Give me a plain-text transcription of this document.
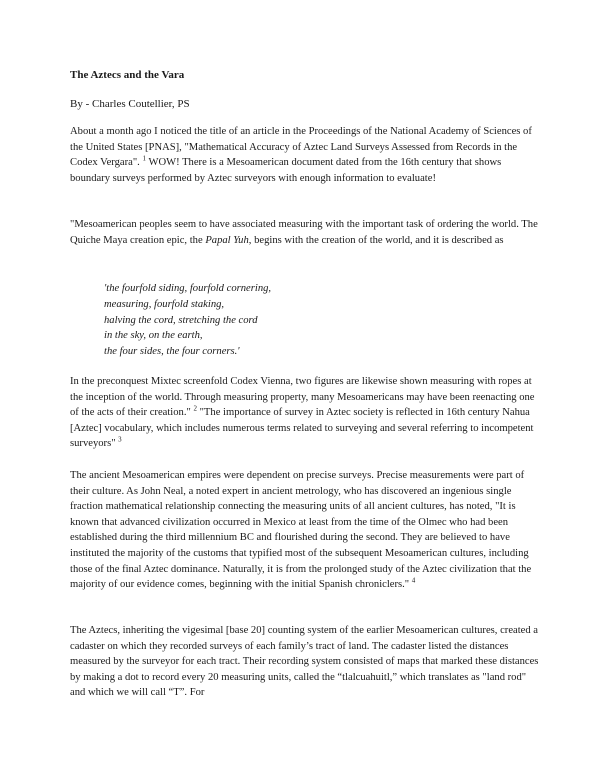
The Aztecs and the Vara
By - Charles Coutellier, PS

About a month ago I noticed the title of an article in the Proceedings of the National Academy of Sciences of the United States [PNAS], "Mathematical Accuracy of Aztec Land Surveys Assessed from Records in the Codex Vergara". $^1$ WOW! There is a Mesoamerican document dated from the 16th century that shows boundary surveys performed by Aztec surveyors with enough information to evaluate!

"Mesoamerican peoples seem to have associated measuring with the important task of ordering the world. The Quiche Maya creation epic, the Papal Yuh, begins with the creation of the world, and it is described as

'the fourfold siding, fourfold cornering,
measuring, fourfold staking,
halving the cord, stretching the cord
in the sky, on the earth,
the four sides, the four corners.'

In the preconquest Mixtec screenfold Codex Vienna, two figures are likewise shown measuring with ropes at the inception of the world. Through measuring property, many Mesoamericans may have been reenacting one of the acts of their creation." $^2$ "The importance of survey in Aztec society is reflected in 16th century Nahua [Aztec] vocabulary, which includes numerous terms related to surveying and several referring to incompetent surveyors" $^3$

The ancient Mesoamerican empires were dependent on precise surveys. Precise measurements were part of their culture. As John Neal, a noted expert in ancient metrology, who has discovered an ingenious single fraction mathematical relationship connecting the measuring units of all ancient cultures, has noted, "It is known that advanced civilization occurred in Mexico at least from the time of the Olmec who had been established during the third millennium BC and flourished during the second. They are believed to have instituted the majority of the customs that typified most of the subsequent Mesoamerican cultures, including those of the final Aztec dominance. Naturally, it is from the prolonged study of the Aztec civilization that the majority of our evidence comes, beginning with the initial Spanish chroniclers." $^4$

The Aztecs, inheriting the vigesimal [base 20] counting system of the earlier Mesoamerican cultures, created a cadaster on which they recorded surveys of each family’s tract of land. The cadaster listed the distances measured by the surveyor for each tract. Their recording system consisted of maps that marked these distances by making a dot to record every 20 measuring units, called the “tlalcuahuitl,” which translates as "land rod" and which we will call “T”. For
